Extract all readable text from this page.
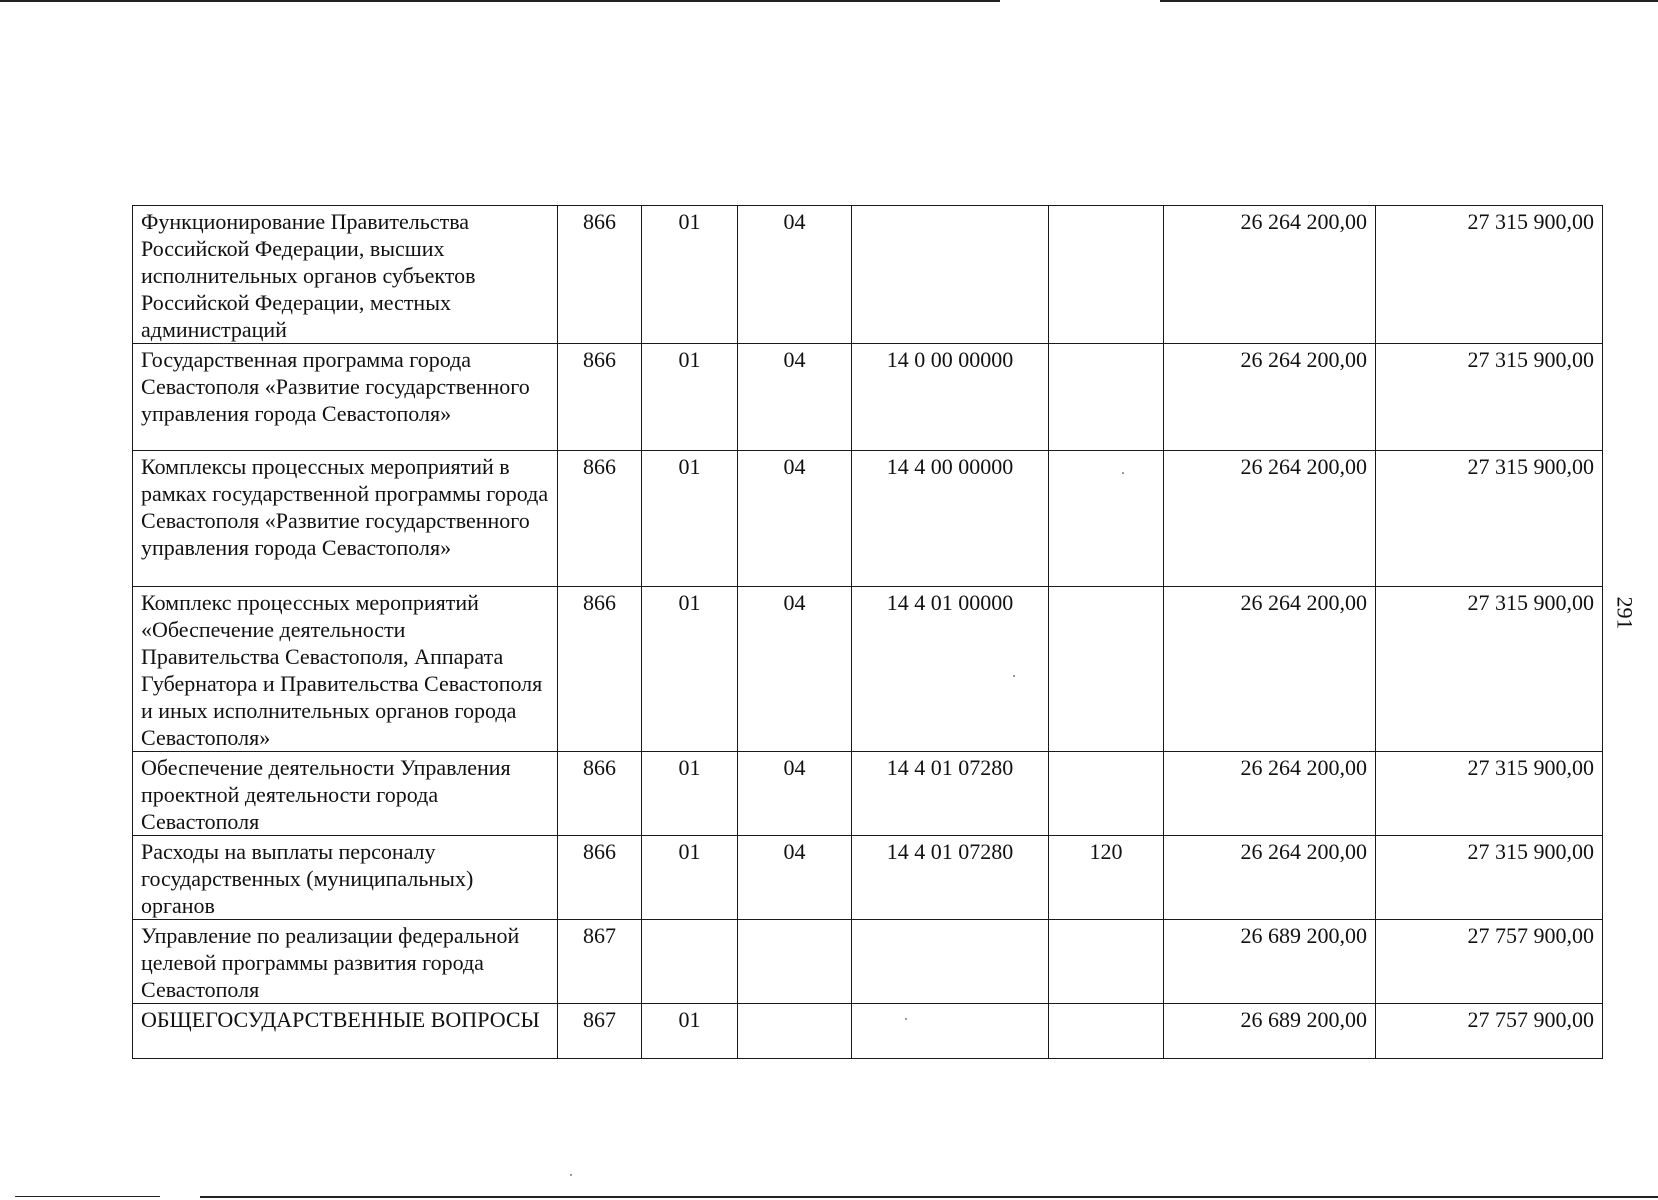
291
Функционирование Правительства Российской Федерации, высших исполнительных органов субъектов Российской Федерации, местных администраций	866	01	04			26 264 200,00	27 315 900,00
Государственная программа города Севастополя «Развитие государственного управления города Севастополя»	866	01	04	14 0 00 00000		26 264 200,00	27 315 900,00
Комплексы процессных мероприятий в рамках государственной программы города Севастополя «Развитие государственного управления города Севастополя»	866	01	04	14 4 00 00000		26 264 200,00	27 315 900,00
Комплекс процессных мероприятий «Обеспечение деятельности Правительства Севастополя, Аппарата Губернатора и Правительства Севастополя и иных исполнительных органов города Севастополя»	866	01	04	14 4 01 00000		26 264 200,00	27 315 900,00
Обеспечение деятельности Управления проектной деятельности города Севастополя	866	01	04	14 4 01 07280		26 264 200,00	27 315 900,00
Расходы на выплаты персоналу государственных (муниципальных) органов	866	01	04	14 4 01 07280	120	26 264 200,00	27 315 900,00
Управление по реализации федеральной целевой программы развития города Севастополя	867					26 689 200,00	27 757 900,00
ОБЩЕГОСУДАРСТВЕННЫЕ ВОПРОСЫ	867	01				26 689 200,00	27 757 900,00
